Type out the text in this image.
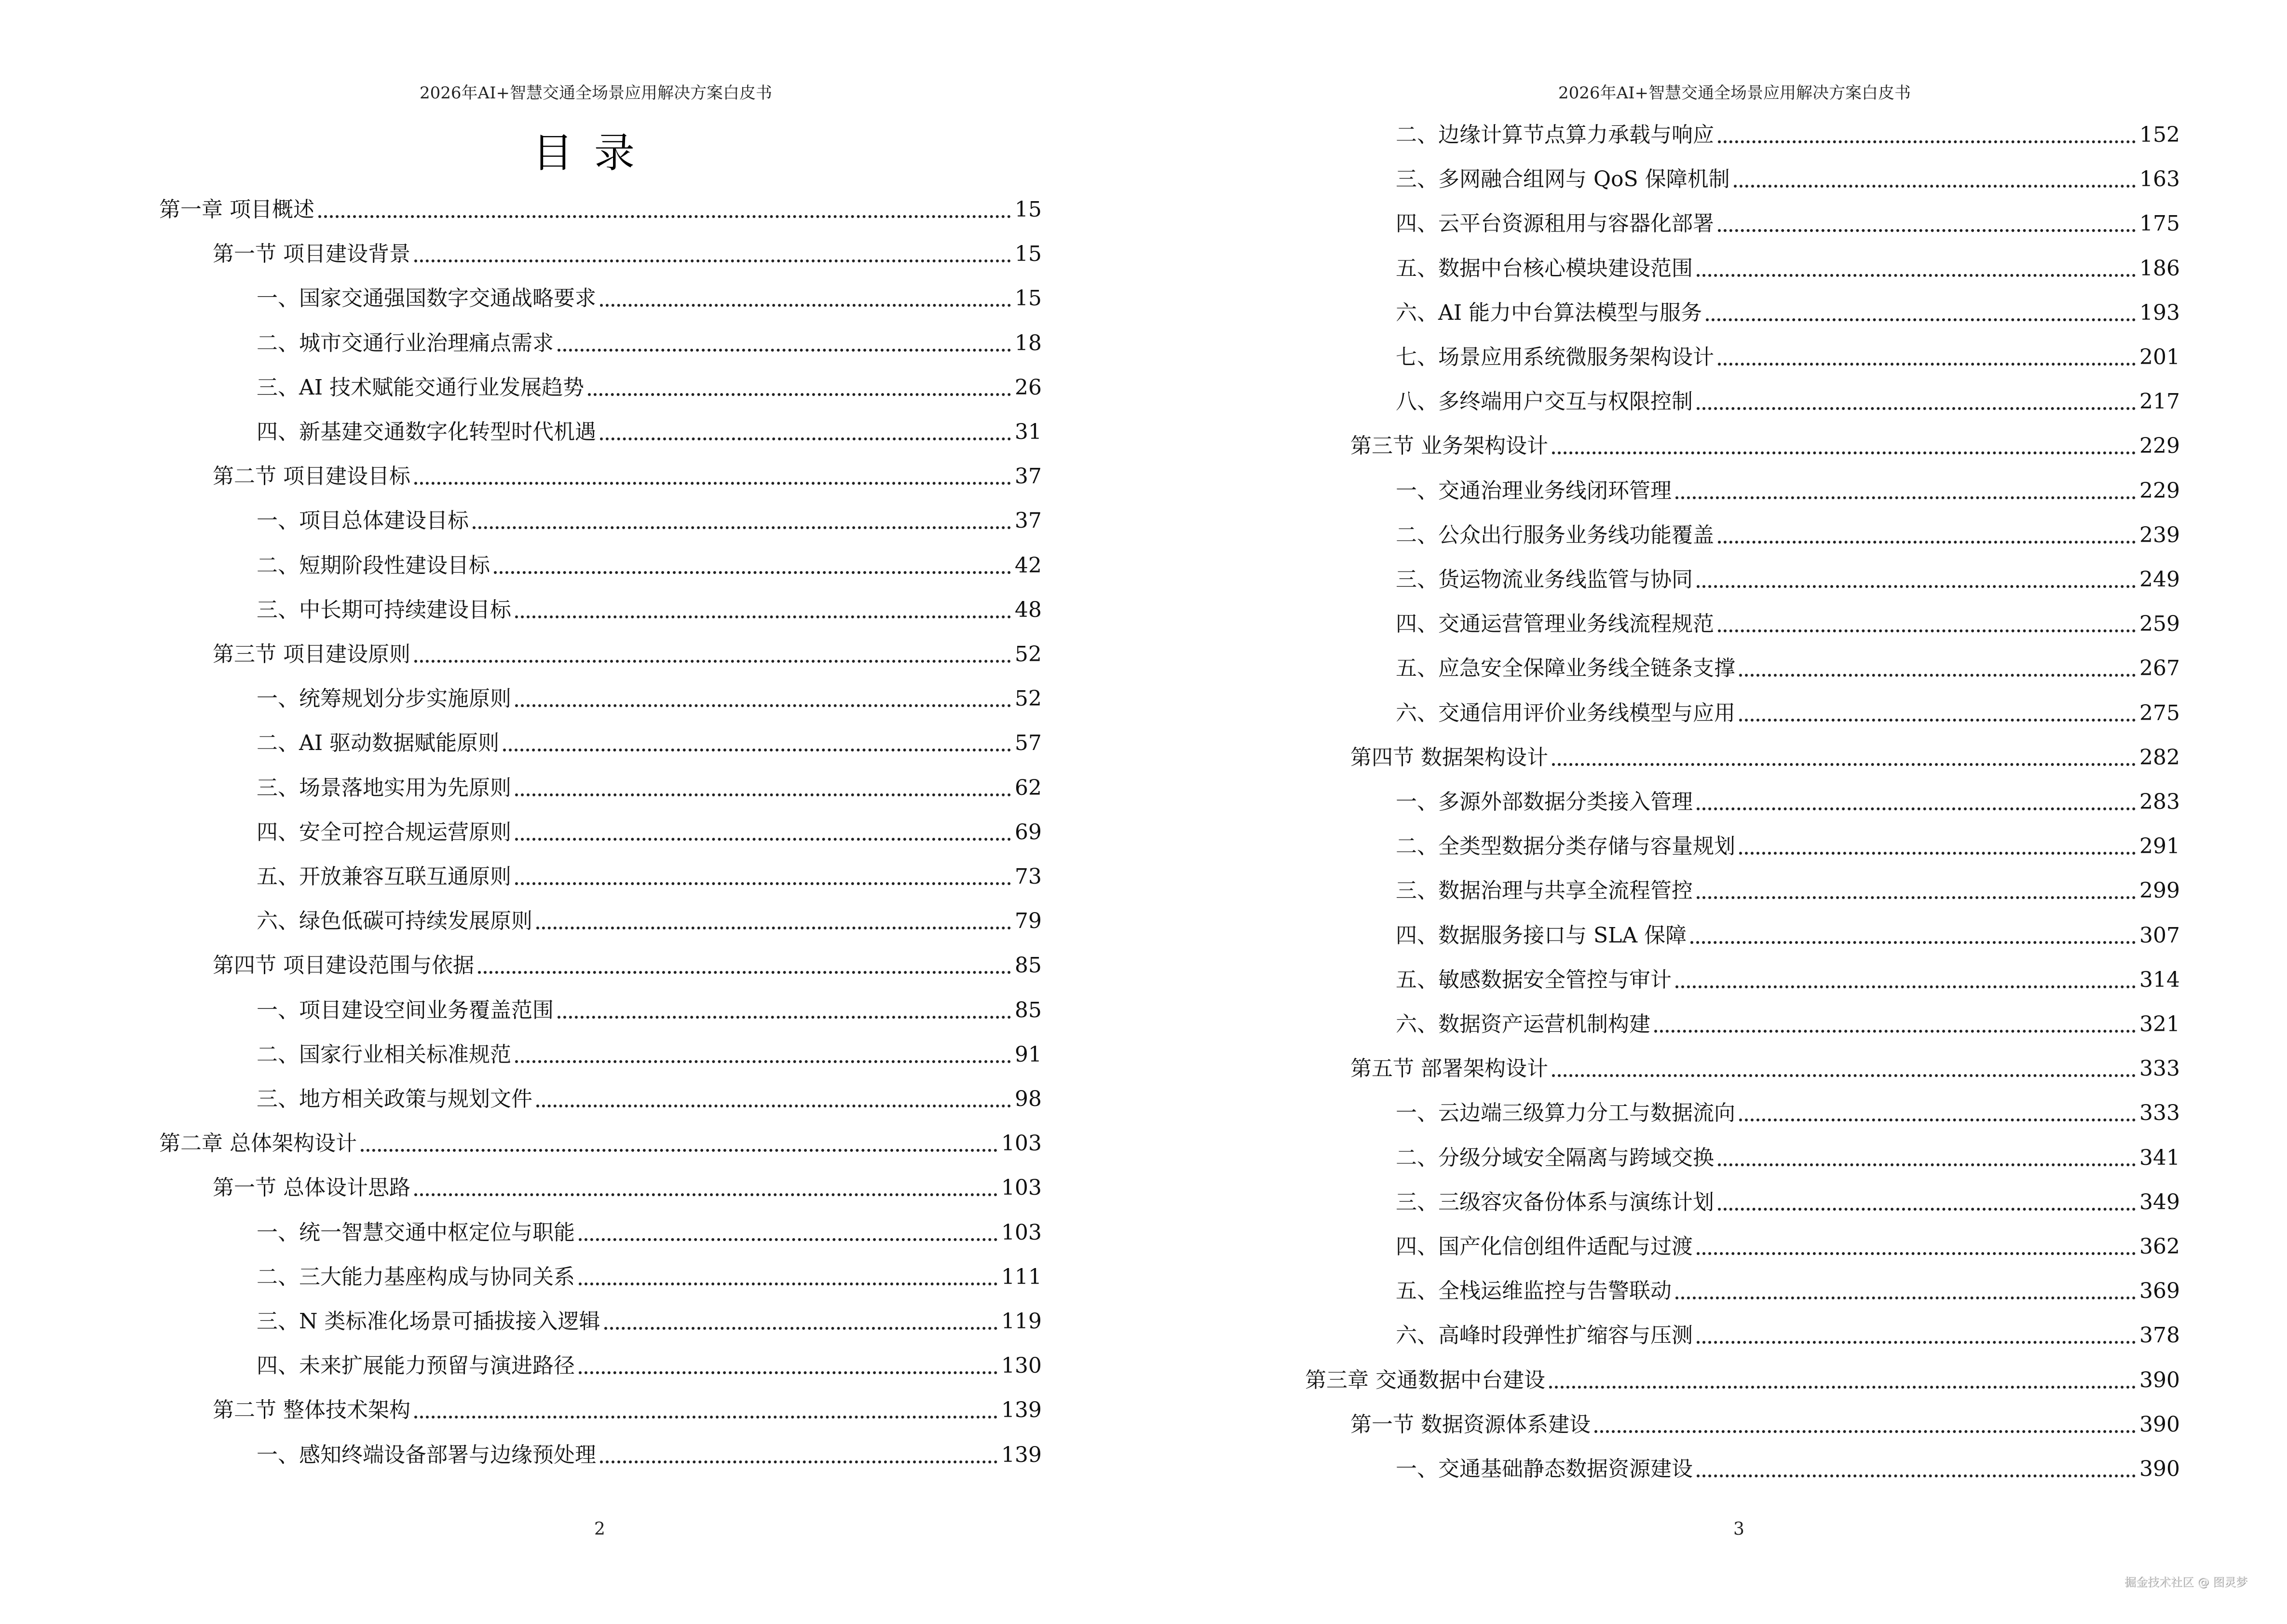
2026年AI+智慧交通全场景应用解决方案白皮书
目录
第一章 项目概述	15
第一节 项目建设背景	15
一、国家交通强国数字交通战略要求	15
二、城市交通行业治理痛点需求	18
三、AI 技术赋能交通行业发展趋势	26
四、新基建交通数字化转型时代机遇	31
第二节 项目建设目标	37
一、项目总体建设目标	37
二、短期阶段性建设目标	42
三、中长期可持续建设目标	48
第三节 项目建设原则	52
一、统筹规划分步实施原则	52
二、AI 驱动数据赋能原则	57
三、场景落地实用为先原则	62
四、安全可控合规运营原则	69
五、开放兼容互联互通原则	73
六、绿色低碳可持续发展原则	79
第四节 项目建设范围与依据	85
一、项目建设空间业务覆盖范围	85
二、国家行业相关标准规范	91
三、地方相关政策与规划文件	98
第二章 总体架构设计	103
第一节 总体设计思路	103
一、统一智慧交通中枢定位与职能	103
二、三大能力基座构成与协同关系	111
三、N 类标准化场景可插拔接入逻辑	119
四、未来扩展能力预留与演进路径	130
第二节 整体技术架构	139
一、感知终端设备部署与边缘预处理	139
2
2026年AI+智慧交通全场景应用解决方案白皮书
二、边缘计算节点算力承载与响应	152
三、多网融合组网与 QoS 保障机制	163
四、云平台资源租用与容器化部署	175
五、数据中台核心模块建设范围	186
六、AI 能力中台算法模型与服务	193
七、场景应用系统微服务架构设计	201
八、多终端用户交互与权限控制	217
第三节 业务架构设计	229
一、交通治理业务线闭环管理	229
二、公众出行服务业务线功能覆盖	239
三、货运物流业务线监管与协同	249
四、交通运营管理业务线流程规范	259
五、应急安全保障业务线全链条支撑	267
六、交通信用评价业务线模型与应用	275
第四节 数据架构设计	282
一、多源外部数据分类接入管理	283
二、全类型数据分类存储与容量规划	291
三、数据治理与共享全流程管控	299
四、数据服务接口与 SLA 保障	307
五、敏感数据安全管控与审计	314
六、数据资产运营机制构建	321
第五节 部署架构设计	333
一、云边端三级算力分工与数据流向	333
二、分级分域安全隔离与跨域交换	341
三、三级容灾备份体系与演练计划	349
四、国产化信创组件适配与过渡	362
五、全栈运维监控与告警联动	369
六、高峰时段弹性扩缩容与压测	378
第三章 交通数据中台建设	390
第一节 数据资源体系建设	390
一、交通基础静态数据资源建设	390
3
掘金技术社区 @ 图灵梦
